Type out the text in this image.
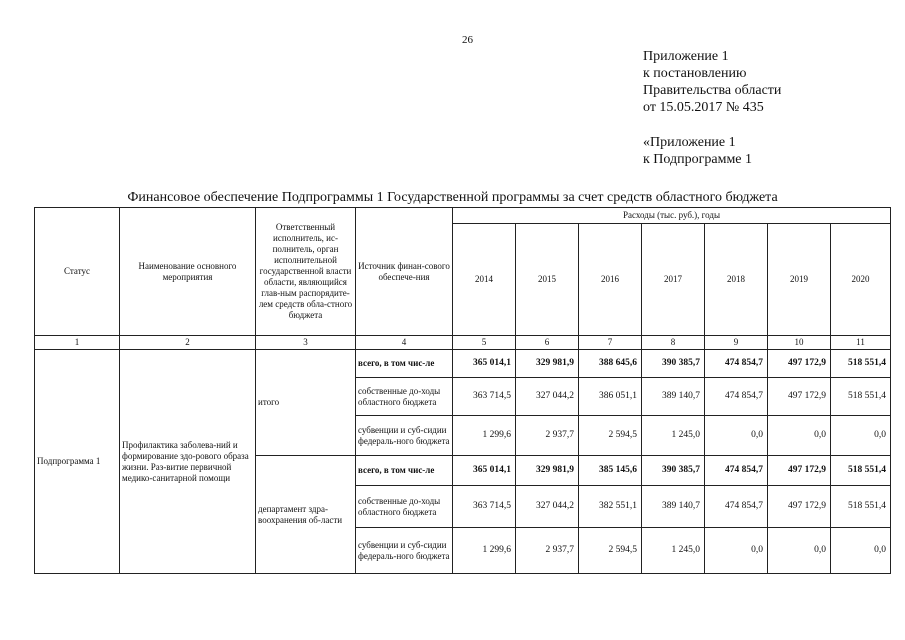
26
Приложение 1
к постановлению
Правительства области
от 15.05.2017 № 435
«Приложение 1
к Подпрограмме 1
Финансовое обеспечение Подпрограммы 1 Государственной программы за счет средств областного бюджета
Статус	Наименование основного мероприятия	Ответственный исполнитель, ис-полнитель, орган исполнительной государственной власти области, являющийся глав-ным распорядите-лем средств обла-стного бюджета	Источник финан-сового обеспече-ния	Расходы (тыс. руб.), годы						
				2014	2015	2016	2017	2018	2019	2020
1	2	3	4	5	6	7	8	9	10	11
Подпрограмма 1	Профилактика заболева-ний и формирование здо-рового образа жизни. Раз-витие первичной медико-санитарной помощи	итого	всего, в том чис-ле	365 014,1	329 981,9	388 645,6	390 385,7	474 854,7	497 172,9	518 551,4
			собственные до-ходы областного бюджета	363 714,5	327 044,2	386 051,1	389 140,7	474 854,7	497 172,9	518 551,4
			субвенции и суб-сидии федераль-ного бюджета	1 299,6	2 937,7	2 594,5	1 245,0	0,0	0,0	0,0
		департамент здра-воохранения об-ласти	всего, в том чис-ле	365 014,1	329 981,9	385 145,6	390 385,7	474 854,7	497 172,9	518 551,4
			собственные до-ходы областного бюджета	363 714,5	327 044,2	382 551,1	389 140,7	474 854,7	497 172,9	518 551,4
			субвенции и суб-сидии федераль-ного бюджета	1 299,6	2 937,7	2 594,5	1 245,0	0,0	0,0	0,0
